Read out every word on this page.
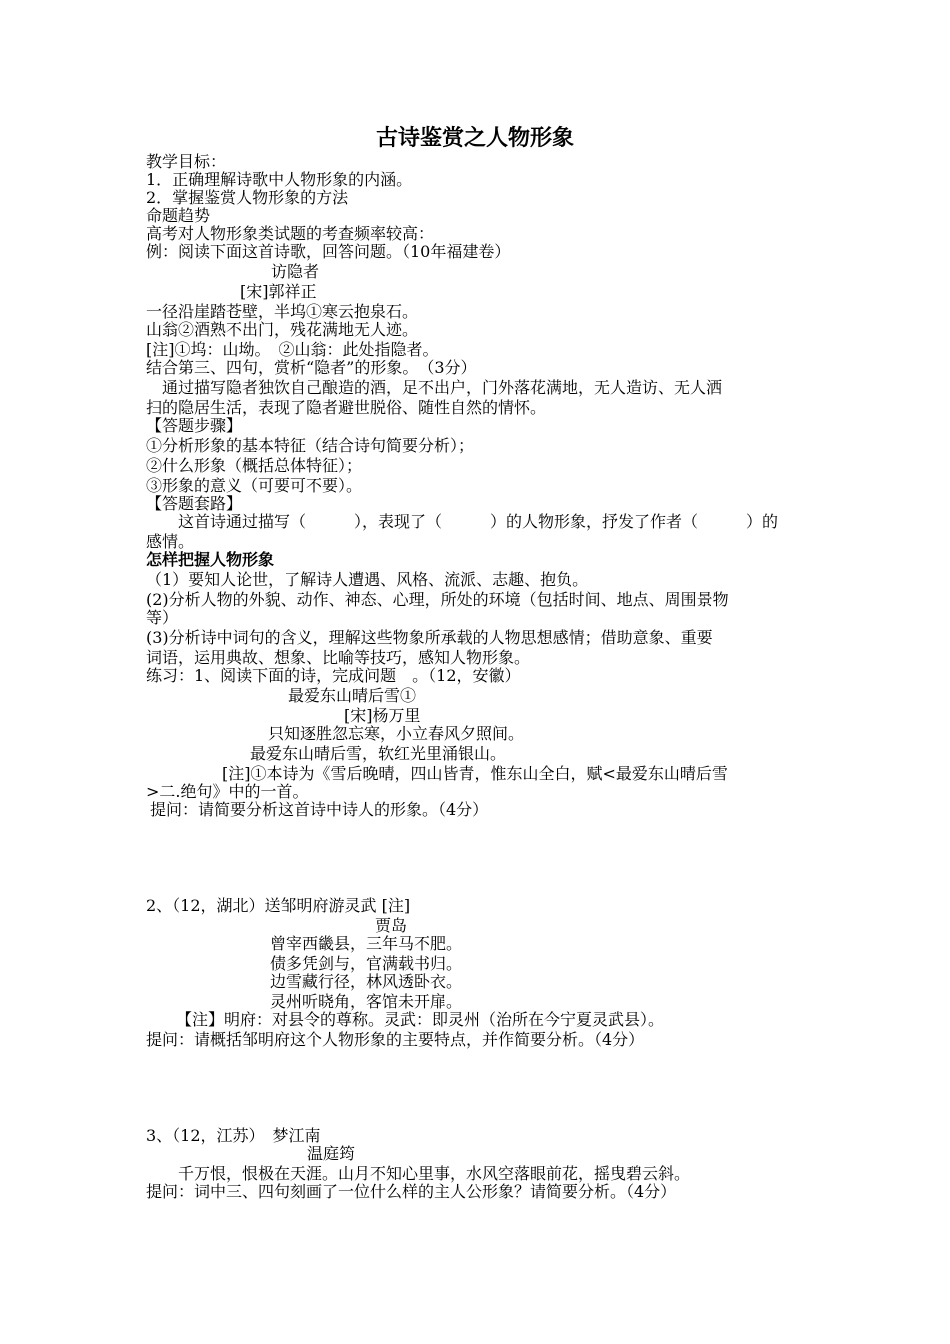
古诗鉴赏之人物形象
教学目标：
1．正确理解诗歌中人物形象的内涵。
2．掌握鉴赏人物形象的方法
命题趋势
高考对人物形象类试题的考查频率较高：
例：阅读下面这首诗歌，回答问题。（10年福建卷）
访隐者
[宋]郭祥正
一径沿崖踏苍壁，半坞①寒云抱泉石。
山翁②酒熟不出门，残花满地无人迹。
[注]①坞：山坳。　②山翁：此处指隐者。
结合第三、四句，赏析“隐者”的形象。　（3分）
　通过描写隐者独饮自己酿造的酒，足不出户，门外落花满地，无人造访、无人洒
扫的隐居生活，表现了隐者避世脱俗、随性自然的情怀。
【答题步骤】
①分析形象的基本特征（结合诗句简要分析）；
②什么形象（概括总体特征）；
③形象的意义（可要可不要）。
【答题套路】
　　这首诗通过描写（　　　），表现了（　　　）的人物形象，抒发了作者（　　　）的
感情。
怎样把握人物形象
（1）要知人论世，了解诗人遭遇、风格、流派、志趣、抱负。
(2)分析人物的外貌、动作、神态、心理，所处的环境（包括时间、地点、周围景物
等）
(3)分析诗中词句的含义，理解这些物象所承载的人物思想感情；借助意象、重要
词语，运用典故、想象、比喻等技巧，感知人物形象。
练习：1、阅读下面的诗，完成问题　。（12，安徽）
最爱东山晴后雪①
[宋]杨万里
只知逐胜忽忘寒，小立春风夕照间。
最爱东山晴后雪，软红光里涌银山。
[注]①本诗为《雪后晚晴，四山皆青，惟东山全白，赋<最爱东山晴后雪
>二.绝句》中的一首。
提问：请简要分析这首诗中诗人的形象。（4分）
2、（12，湖北）送邹明府游灵武 [注]
贾岛
曾宰西畿县，三年马不肥。
债多凭剑与，官满载书归。
边雪藏行径，林风透卧衣。
灵州听晓角，客馆未开扉。
【注】明府：对县令的尊称。灵武：即灵州（治所在今宁夏灵武县）。
提问：请概括邹明府这个人物形象的主要特点，并作简要分析。（4分）
3、（12，江苏）　梦江南
温庭筠
千万恨，恨极在天涯。山月不知心里事，水风空落眼前花，摇曳碧云斜。
提问：词中三、四句刻画了一位什么样的主人公形象？请简要分析。（4分）
